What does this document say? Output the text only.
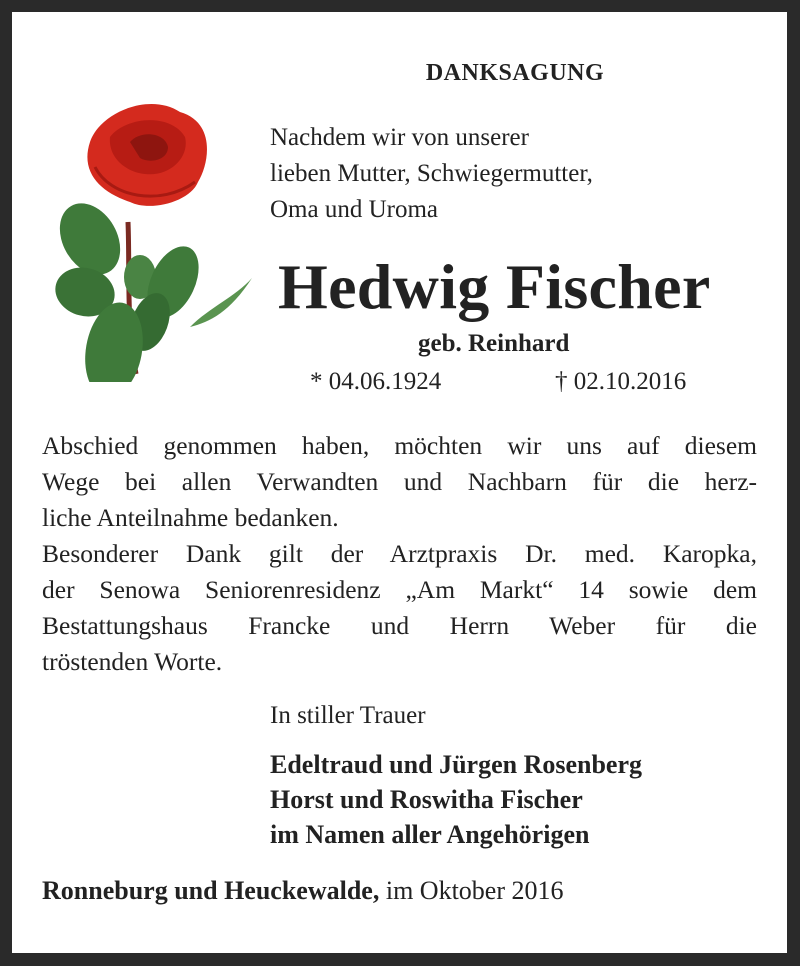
DANKSAGUNG
Nachdem wir von unserer
lieben Mutter, Schwiegermutter,
Oma und Uroma
Hedwig Fischer
geb. Reinhard
* 04.06.1924	† 02.10.2016
Abschied genommen haben, möchten wir uns auf diesem
Wege bei allen Verwandten und Nachbarn für die herz-
liche Anteilnahme bedanken.
Besonderer Dank gilt der Arztpraxis Dr. med. Karopka,
der Senowa Seniorenresidenz „Am Markt“ 14 sowie dem
Bestattungshaus Francke und Herrn Weber für die
tröstenden Worte.
In stiller Trauer
Edeltraud und Jürgen Rosenberg
Horst und Roswitha Fischer
im Namen aller Angehörigen
Ronneburg und Heuckewalde, im Oktober 2016
